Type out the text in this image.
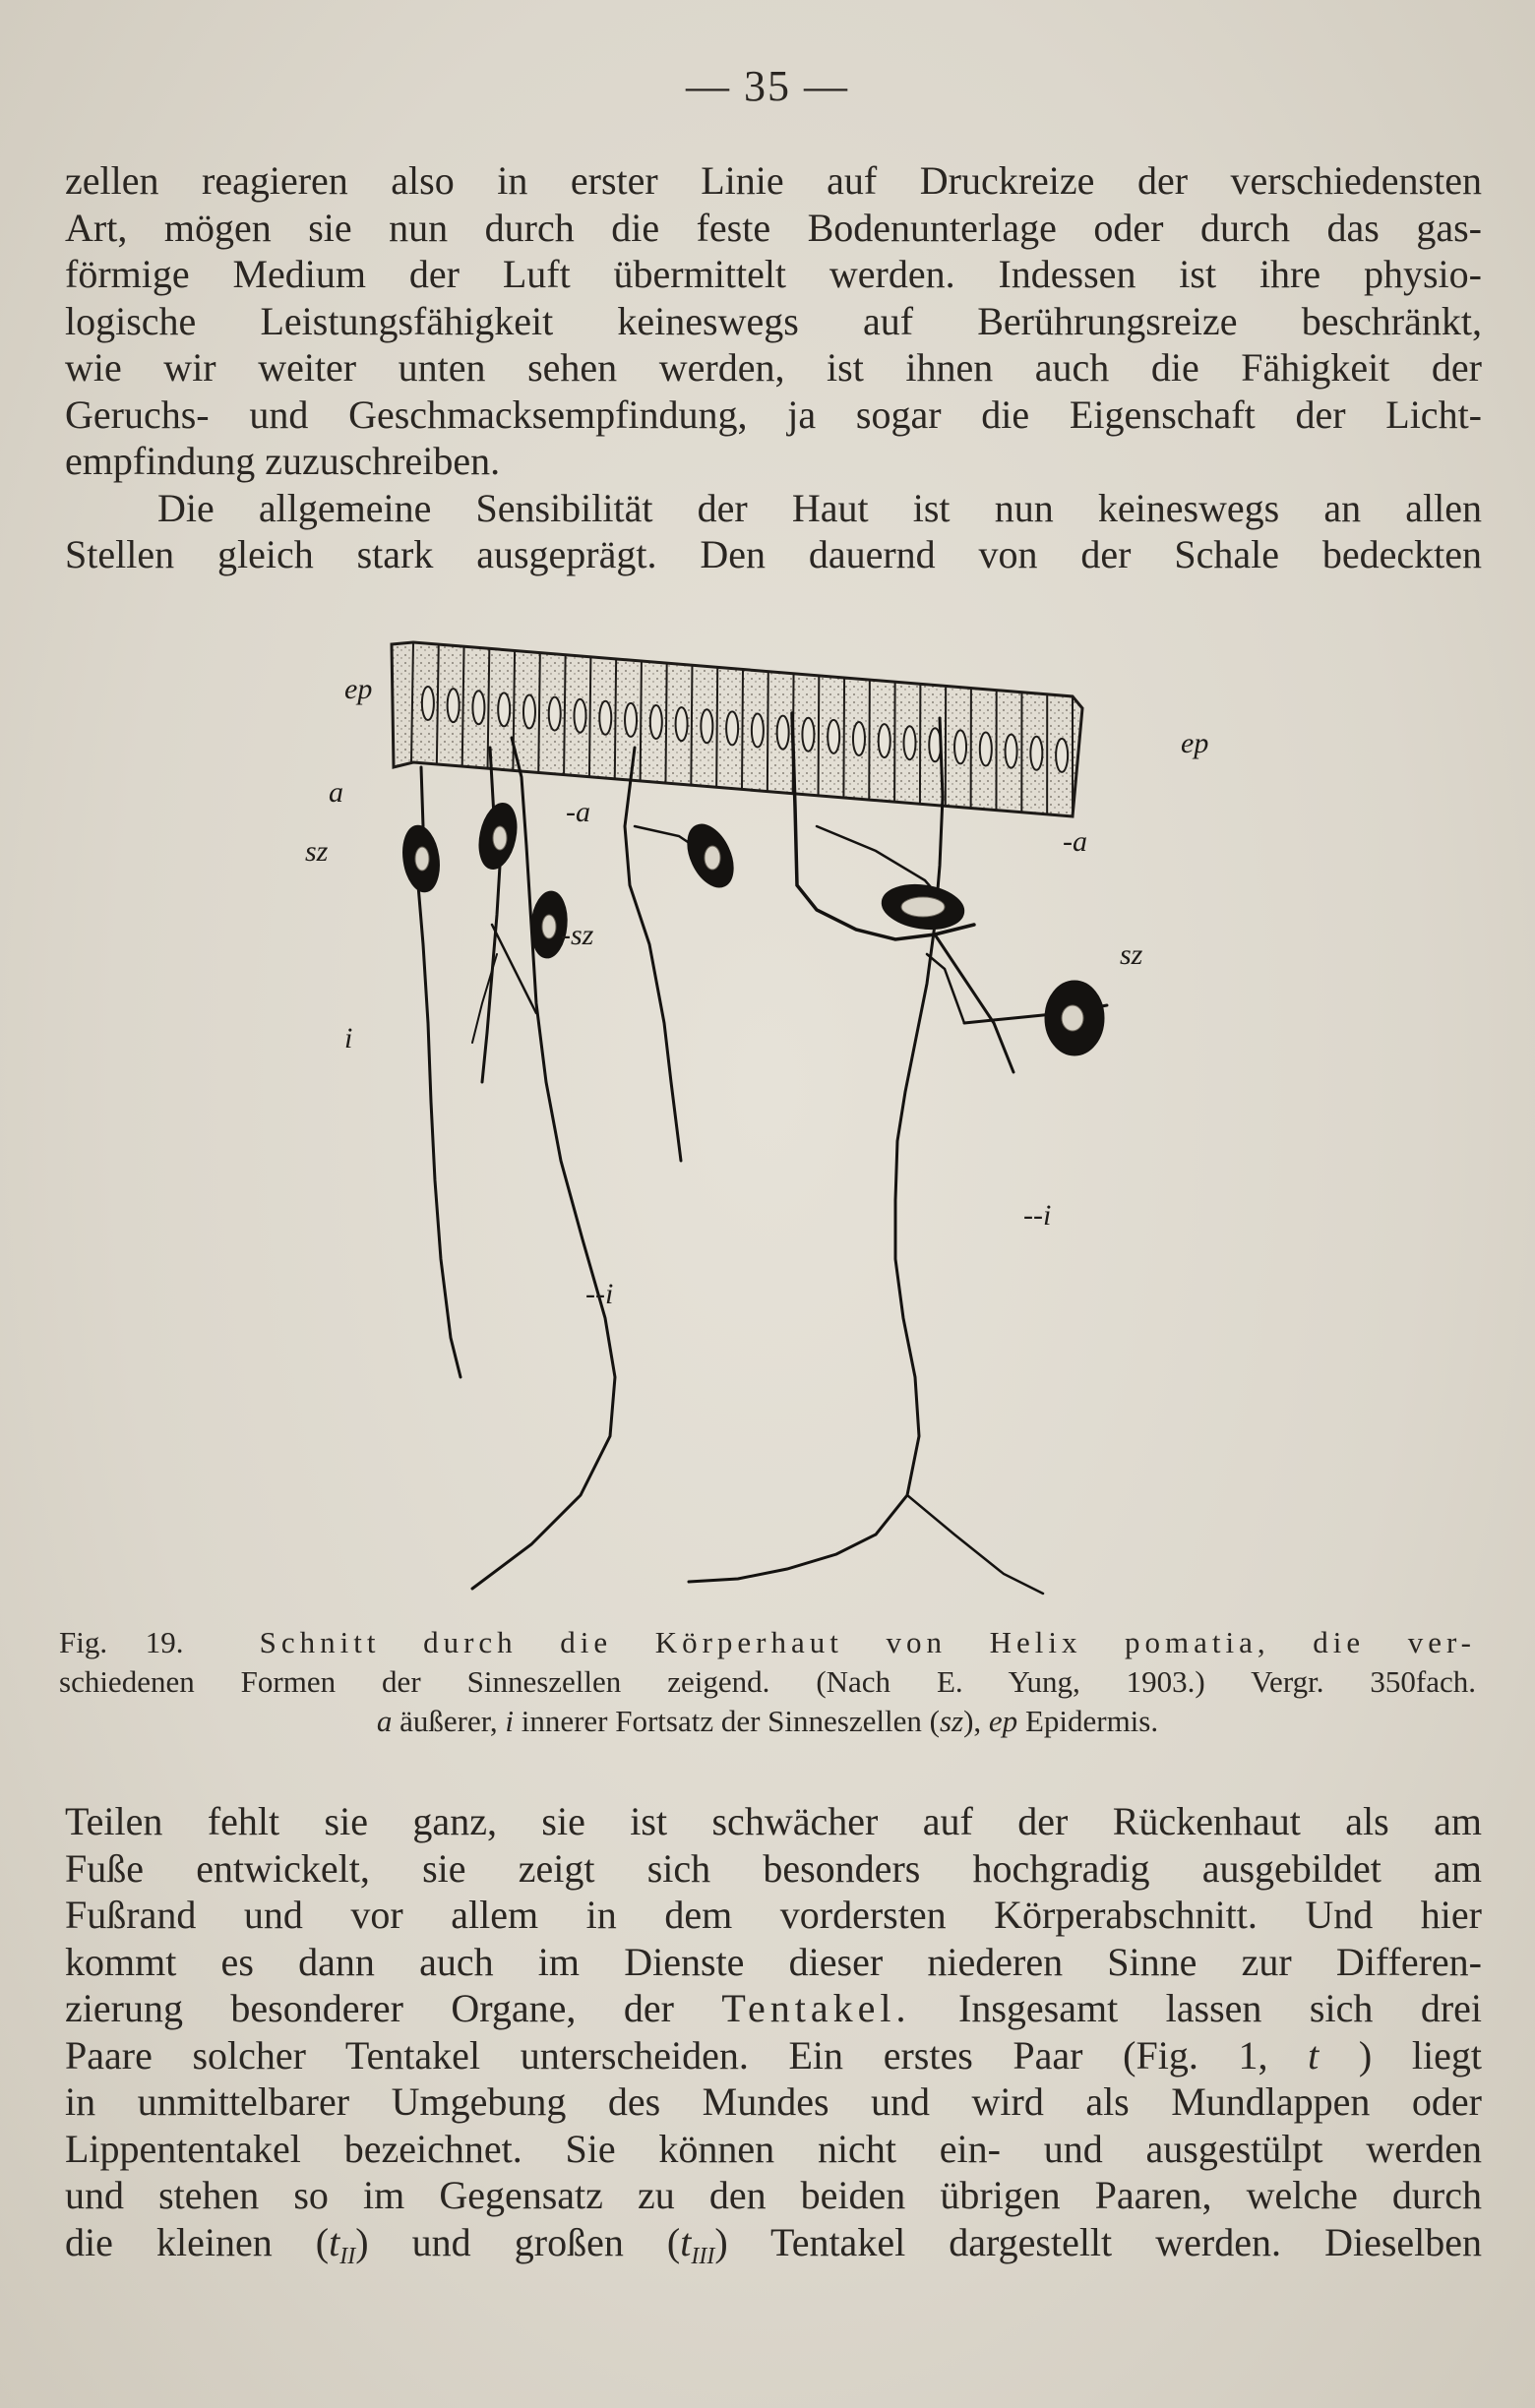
— 35 —
zellen reagieren also in erster Linie auf Druckreize der verschiedensten
Art, mögen sie nun durch die feste Bodenunterlage oder durch das gas-
förmige Medium der Luft übermittelt werden. Indessen ist ihre physio-
logische Leistungsfähigkeit keineswegs auf Berührungsreize beschränkt,
wie wir weiter unten sehen werden, ist ihnen auch die Fähigkeit der
Geruchs- und Geschmacksempfindung, ja sogar die Eigenschaft der Licht-
empfindung zuzuschreiben.
Die allgemeine Sensibilität der Haut ist nun keineswegs an allen
Stellen gleich stark ausgeprägt. Den dauernd von der Schale bedeckten
ep
ep
a
sz
i
-a
-sz
--i
-a
sz
--i
Fig. 19. Schnitt durch die Körperhaut von Helix pomatia, die ver-
schiedenen Formen der Sinneszellen zeigend. (Nach E. Yung, 1903.) Vergr. 350fach.
a äußerer, i innerer Fortsatz der Sinneszellen (sz), ep Epidermis.
Teilen fehlt sie ganz, sie ist schwächer auf der Rückenhaut als am
Fuße entwickelt, sie zeigt sich besonders hochgradig ausgebildet am
Fußrand und vor allem in dem vordersten Körperabschnitt. Und hier
kommt es dann auch im Dienste dieser niederen Sinne zur Differen-
zierung besonderer Organe, der Tentakel. Insgesamt lassen sich drei
Paare solcher Tentakel unterscheiden. Ein erstes Paar (Fig. 1, t ) liegt
in unmittelbarer Umgebung des Mundes und wird als Mundlappen oder
Lippententakel bezeichnet. Sie können nicht ein- und ausgestülpt werden
und stehen so im Gegensatz zu den beiden übrigen Paaren, welche durch
die kleinen $(t_{II})$ und großen $(t_{III})$ Tentakel dargestellt werden. Dieselben
